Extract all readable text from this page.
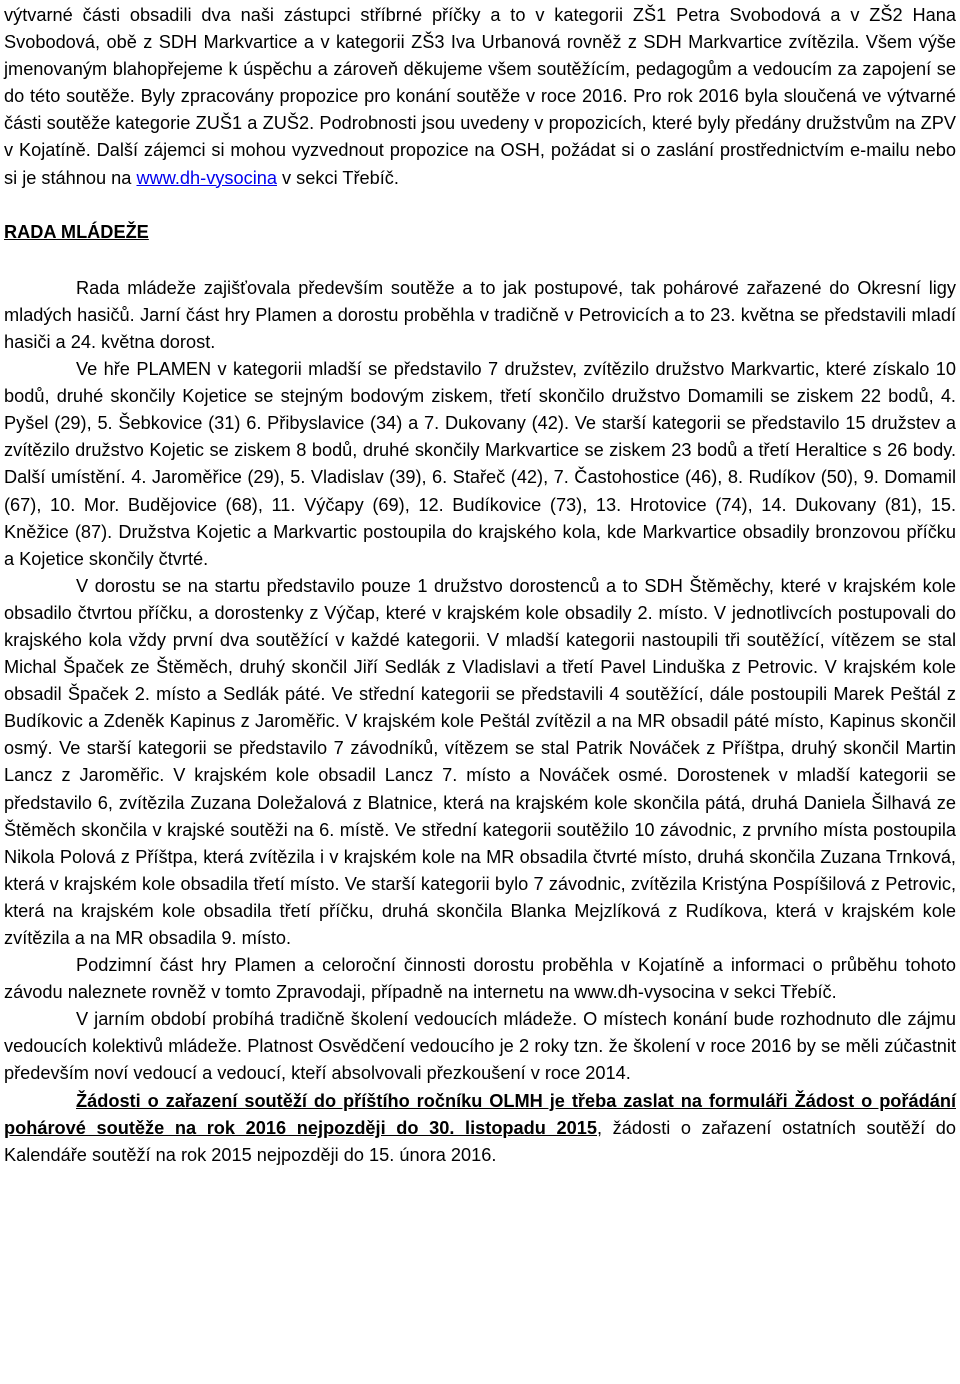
výtvarné části obsadili dva naši zástupci stříbrné příčky a to v kategorii ZŠ1 Petra Svobodová a v ZŠ2 Hana Svobodová, obě z SDH Markvartice a v kategorii ZŠ3 Iva Urbanová rovněž z SDH Markvartice zvítězila. Všem výše jmenovaným blahopřejeme k úspěchu a zároveň děkujeme všem soutěžícím, pedagogům a vedoucím za zapojení se do této soutěže. Byly zpracovány propozice pro konání soutěže v roce 2016. Pro rok 2016 byla sloučená ve výtvarné části soutěže kategorie ZUŠ1 a ZUŠ2. Podrobnosti jsou uvedeny v propozicích, které byly předány družstvům na ZPV v Kojatíně. Další zájemci si mohou vyzvednout propozice na OSH, požádat si o zaslání prostřednictvím e-mailu nebo si je stáhnou na www.dh-vysocina v sekci Třebíč.

RADA MLÁDEŽE

Rada mládeže zajišťovala především soutěže a to jak postupové, tak pohárové zařazené do Okresní ligy mladých hasičů. Jarní část hry Plamen a dorostu proběhla v tradičně v Petrovicích a to 23. května se představili mladí hasiči a 24. května dorost.

Ve hře PLAMEN v kategorii mladší se představilo 7 družstev, zvítězilo družstvo Markvartic, které získalo 10 bodů, druhé skončily Kojetice se stejným bodovým ziskem, třetí skončilo družstvo Domamili se ziskem 22 bodů, 4. Pyšel (29), 5. Šebkovice (31) 6. Přibyslavice (34) a 7. Dukovany (42). Ve starší kategorii se představilo 15 družstev a zvítězilo družstvo Kojetic se ziskem 8 bodů, druhé skončily Markvartice se ziskem 23 bodů a třetí Heraltice s 26 body. Další umístění. 4. Jaroměřice (29), 5. Vladislav (39), 6. Stařeč (42), 7. Častohostice (46), 8. Rudíkov (50), 9. Domamil (67), 10. Mor. Budějovice (68), 11. Výčapy (69), 12. Budíkovice (73), 13. Hrotovice (74), 14. Dukovany (81), 15. Kněžice (87). Družstva Kojetic a Markvartic postoupila do krajského kola, kde Markvartice obsadily bronzovou příčku a Kojetice skončily čtvrté.

V dorostu se na startu představilo pouze 1 družstvo dorostenců a to SDH Štěměchy, které v krajském kole obsadilo čtvrtou příčku, a dorostenky z Výčap, které v krajském kole obsadily 2. místo. V jednotlivcích postupovali do krajského kola vždy první dva soutěžící v každé kategorii. V mladší kategorii nastoupili tři soutěžící, vítězem se stal Michal Špaček ze Štěměch, druhý skončil Jiří Sedlák z Vladislavi a třetí Pavel Linduška z Petrovic. V krajském kole obsadil Špaček 2. místo a Sedlák páté. Ve střední kategorii se představili 4 soutěžící, dále postoupili Marek Peštál z Budíkovic a Zdeněk Kapinus z Jaroměřic. V krajském kole Peštál zvítězil a na MR obsadil páté místo, Kapinus skončil osmý. Ve starší kategorii se představilo 7 závodníků, vítězem se stal Patrik Nováček z Příštpa, druhý skončil Martin Lancz z Jaroměřic. V krajském kole obsadil Lancz 7. místo a Nováček osmé. Dorostenek v mladší kategorii se představilo 6, zvítězila Zuzana Doležalová z Blatnice, která na krajském kole skončila pátá, druhá Daniela Šilhavá ze Štěměch skončila v krajské soutěži na 6. místě. Ve střední kategorii soutěžilo 10 závodnic, z prvního místa postoupila Nikola Polová z Příštpa, která zvítězila i v krajském kole na MR obsadila čtvrté místo, druhá skončila Zuzana Trnková, která v krajském kole obsadila třetí místo. Ve starší kategorii bylo 7 závodnic, zvítězila Kristýna Pospíšilová z Petrovic, která na krajském kole obsadila třetí příčku, druhá skončila Blanka Mejzlíková z Rudíkova, která v krajském kole zvítězila a na MR obsadila 9. místo.

Podzimní část hry Plamen a celoroční činnosti dorostu proběhla v Kojatíně a informaci o průběhu tohoto závodu naleznete rovněž v tomto Zpravodaji, případně na internetu na www.dh-vysocina v sekci Třebíč.

V jarním období probíhá tradičně školení vedoucích mládeže. O místech konání bude rozhodnuto dle zájmu vedoucích kolektivů mládeže. Platnost Osvědčení vedoucího je 2 roky tzn. že školení v roce 2016 by se měli zúčastnit především noví vedoucí a vedoucí, kteří absolvovali přezkoušení v roce 2014.

Žádosti o zařazení soutěží do příštího ročníku OLMH je třeba zaslat na formuláři Žádost o pořádání pohárové soutěže na rok 2016 nejpozději do 30. listopadu 2015, žádosti o zařazení ostatních soutěží do Kalendáře soutěží na rok 2015 nejpozději do 15. února 2016.
